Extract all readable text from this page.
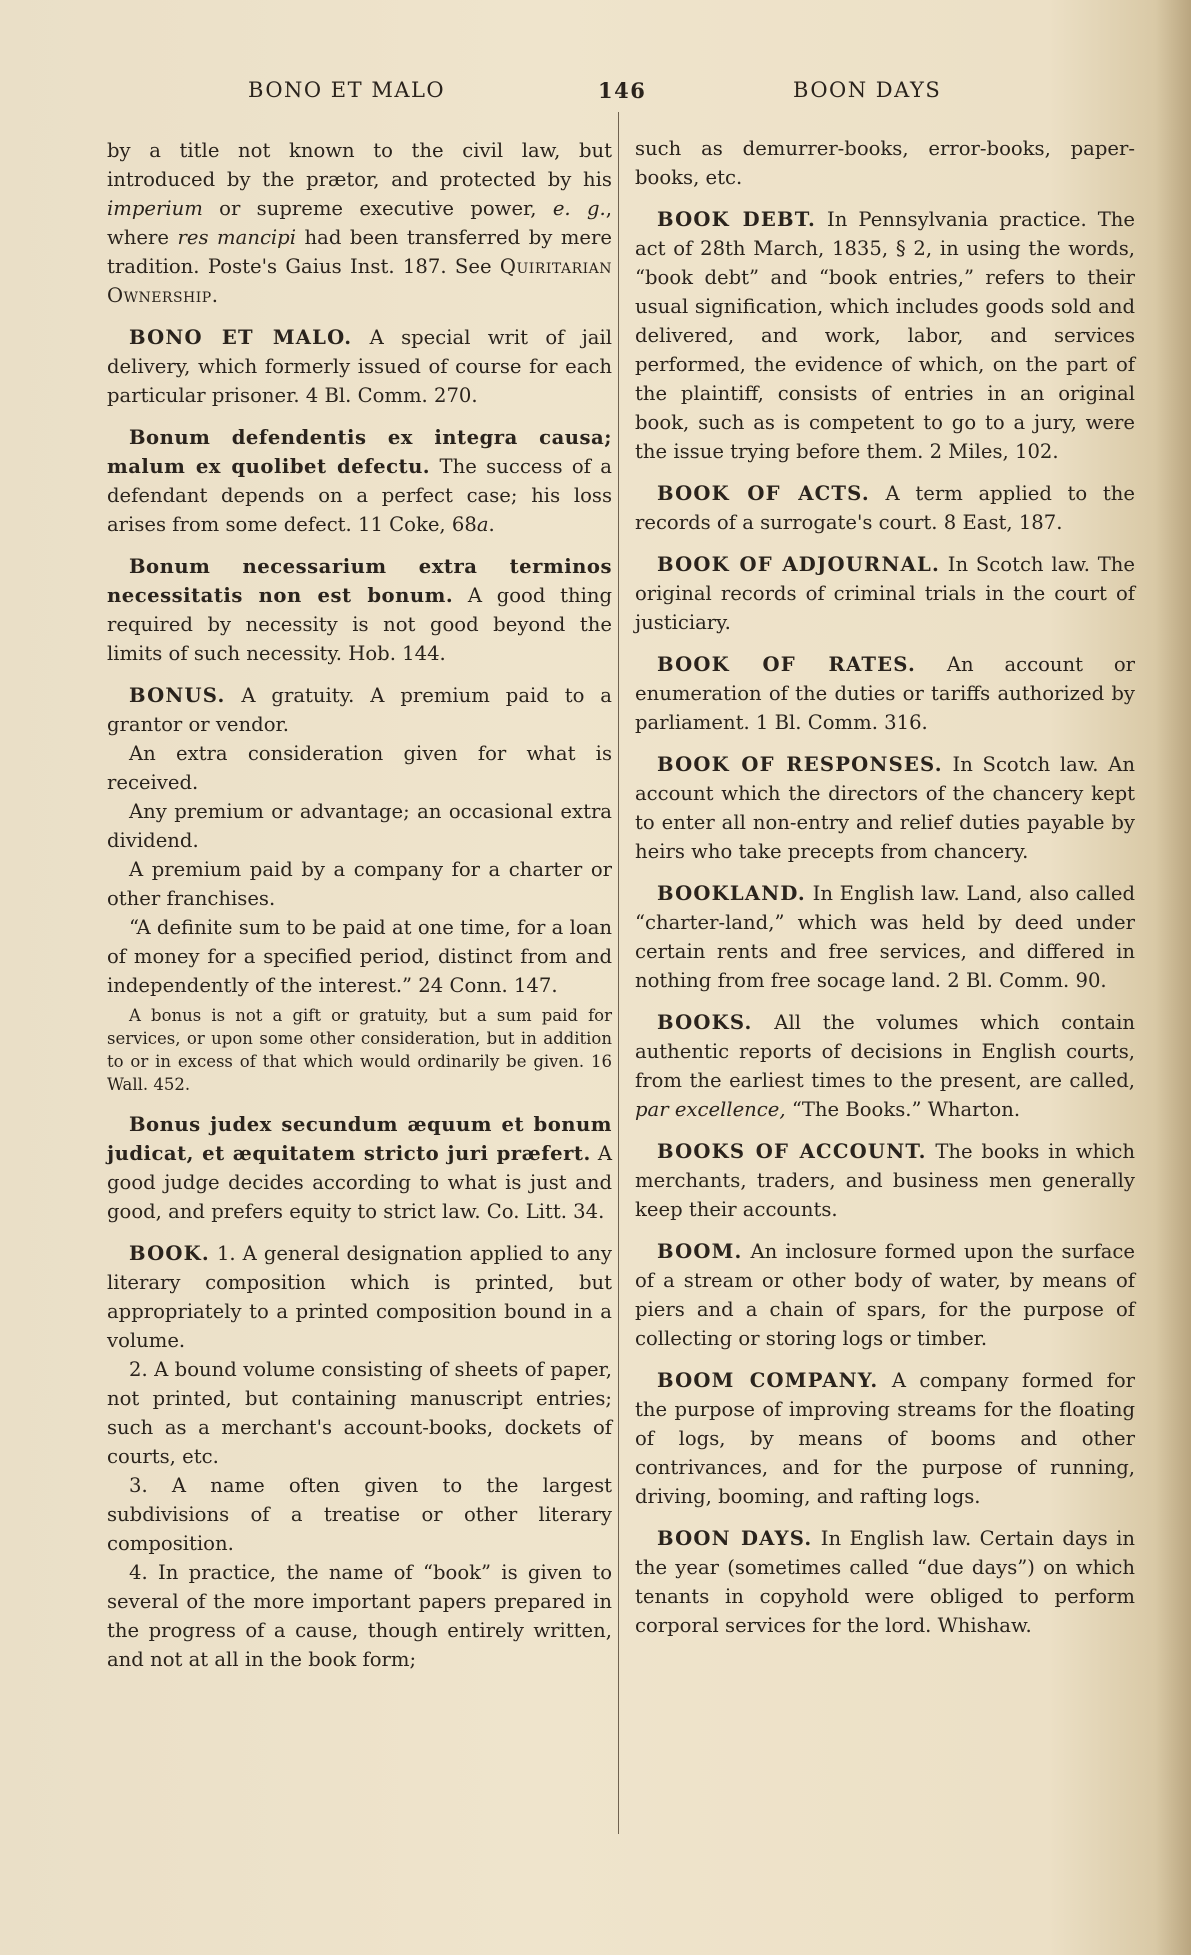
BONO ET MALO	146	BOON DAYS

by a title not known to the civil law, but introduced by the prætor, and protected by his imperium or supreme executive power, e. g., where res mancipi had been transferred by mere tradition. Poste's Gaius Inst. 187. See Quiritarian Ownership.

BONO ET MALO. A special writ of jail delivery, which formerly issued of course for each particular prisoner. 4 Bl. Comm. 270.

Bonum defendentis ex integra causa; malum ex quolibet defectu. The success of a defendant depends on a perfect case; his loss arises from some defect. 11 Coke, 68a.

Bonum necessarium extra terminos necessitatis non est bonum. A good thing required by necessity is not good beyond the limits of such necessity. Hob. 144.

BONUS. A gratuity. A premium paid to a grantor or vendor.

An extra consideration given for what is received.

Any premium or advantage; an occasional extra dividend.

A premium paid by a company for a charter or other franchises.

“A definite sum to be paid at one time, for a loan of money for a specified period, distinct from and independently of the interest.” 24 Conn. 147.

A bonus is not a gift or gratuity, but a sum paid for services, or upon some other consideration, but in addition to or in excess of that which would ordinarily be given. 16 Wall. 452.

Bonus judex secundum æquum et bonum judicat, et æquitatem stricto juri præfert. A good judge decides according to what is just and good, and prefers equity to strict law. Co. Litt. 34.

BOOK. 1. A general designation applied to any literary composition which is printed, but appropriately to a printed composition bound in a volume.

2. A bound volume consisting of sheets of paper, not printed, but containing manuscript entries; such as a merchant's account-books, dockets of courts, etc.

3. A name often given to the largest subdivisions of a treatise or other literary composition.

4. In practice, the name of “book” is given to several of the more important papers prepared in the progress of a cause, though entirely written, and not at all in the book form;

such as demurrer-books, error-books, paper-books, etc.

BOOK DEBT. In Pennsylvania practice. The act of 28th March, 1835, § 2, in using the words, “book debt” and “book entries,” refers to their usual signification, which includes goods sold and delivered, and work, labor, and services performed, the evidence of which, on the part of the plaintiff, consists of entries in an original book, such as is competent to go to a jury, were the issue trying before them. 2 Miles, 102.

BOOK OF ACTS. A term applied to the records of a surrogate's court. 8 East, 187.

BOOK OF ADJOURNAL. In Scotch law. The original records of criminal trials in the court of justiciary.

BOOK OF RATES. An account or enumeration of the duties or tariffs authorized by parliament. 1 Bl. Comm. 316.

BOOK OF RESPONSES. In Scotch law. An account which the directors of the chancery kept to enter all non-entry and relief duties payable by heirs who take precepts from chancery.

BOOKLAND. In English law. Land, also called “charter-land,” which was held by deed under certain rents and free services, and differed in nothing from free socage land. 2 Bl. Comm. 90.

BOOKS. All the volumes which contain authentic reports of decisions in English courts, from the earliest times to the present, are called, par excellence, “The Books.” Wharton.

BOOKS OF ACCOUNT. The books in which merchants, traders, and business men generally keep their accounts.

BOOM. An inclosure formed upon the surface of a stream or other body of water, by means of piers and a chain of spars, for the purpose of collecting or storing logs or timber.

BOOM COMPANY. A company formed for the purpose of improving streams for the floating of logs, by means of booms and other contrivances, and for the purpose of running, driving, booming, and rafting logs.

BOON DAYS. In English law. Certain days in the year (sometimes called “due days”) on which tenants in copyhold were obliged to perform corporal services for the lord. Whishaw.
